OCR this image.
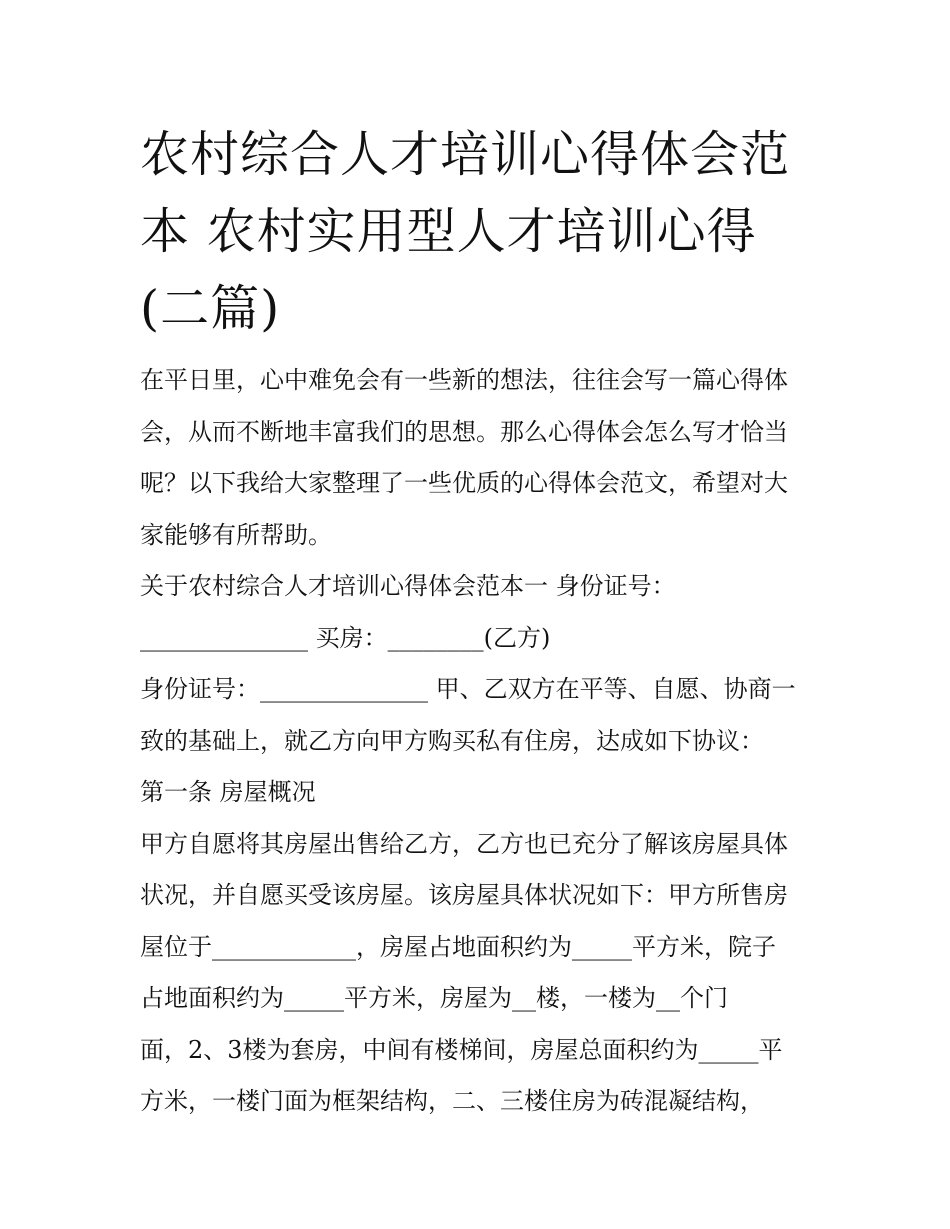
农村综合人才培训心得体会范
本 农村实用型人才培训心得
(二篇)
在平日里，心中难免会有一些新的想法，往往会写一篇心得体
会，从而不断地丰富我们的思想。那么心得体会怎么写才恰当
呢？以下我给大家整理了一些优质的心得体会范文，希望对大
家能够有所帮助。
关于农村综合人才培训心得体会范本一 身份证号：
______________ 买房：________(乙方)
身份证号：______________ 甲、乙双方在平等、自愿、协商一
致的基础上，就乙方向甲方购买私有住房，达成如下协议：
第一条 房屋概况
甲方自愿将其房屋出售给乙方，乙方也已充分了解该房屋具体
状况，并自愿买受该房屋。该房屋具体状况如下：甲方所售房
屋位于____________，房屋占地面积约为_____平方米，院子
占地面积约为_____平方米，房屋为__楼，一楼为__个门
面，2、3楼为套房，中间有楼梯间，房屋总面积约为_____平
方米，一楼门面为框架结构，二、三楼住房为砖混凝结构，
